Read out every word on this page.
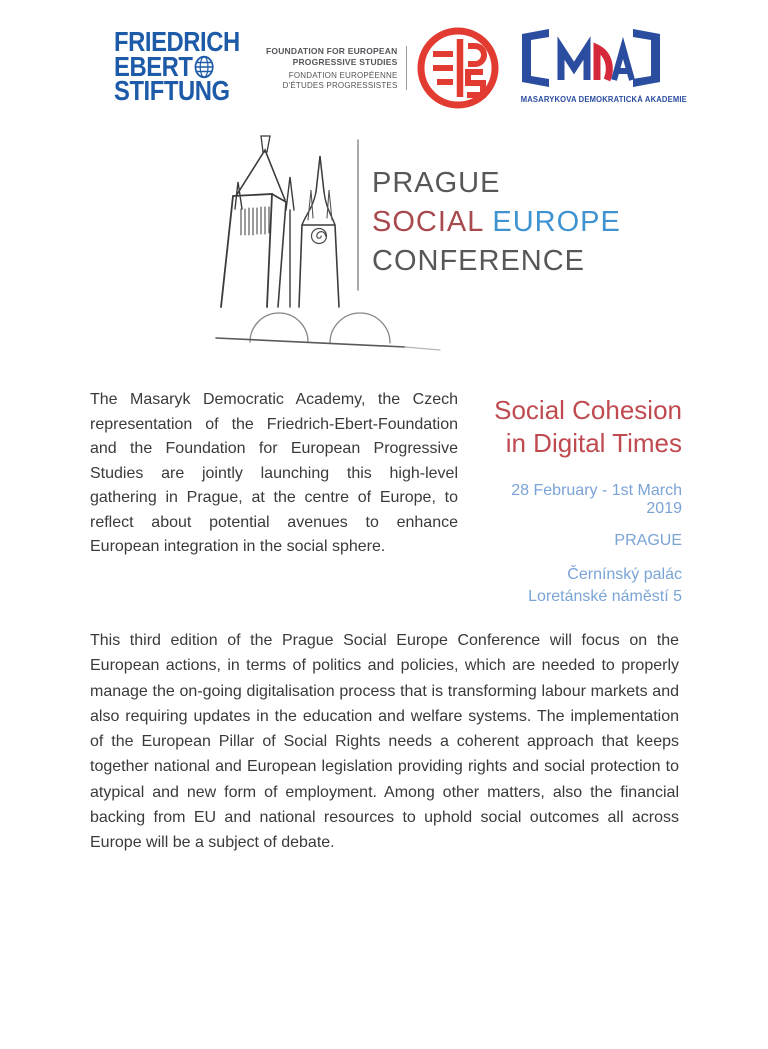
FRIEDRICH
EBERT
STIFTUNG
FOUNDATION FOR EUROPEAN
PROGRESSIVE STUDIES
FONDATION EUROPÉENNE
D'ÉTUDES PROGRESSISTES
MASARYKOVA DEMOKRATICKÁ AKADEMIE
PRAGUE
SOCIAL EUROPE
CONFERENCE

The Masaryk Democratic Academy, the Czech representation of the Friedrich-Ebert-Foundation and the Foundation for European Progressive Studies are jointly launching this high-level gathering in Prague, at the centre of Europe, to reflect about potential avenues to enhance European integration in the social sphere.

Social Cohesion
in Digital Times
28 February - 1st March 2019
PRAGUE
Černínský palác
Loretánské náměstí 5

This third edition of the Prague Social Europe Conference will focus on the European actions, in terms of politics and policies, which are needed to properly manage the on-going digitalisation process that is transforming labour markets and also requiring updates in the education and welfare systems. The implementation of the European Pillar of Social Rights needs a coherent approach that keeps together national and European legislation providing rights and social protection to atypical and new form of employment. Among other matters, also the financial backing from EU and national resources to uphold social outcomes all across Europe will be a subject of debate.
